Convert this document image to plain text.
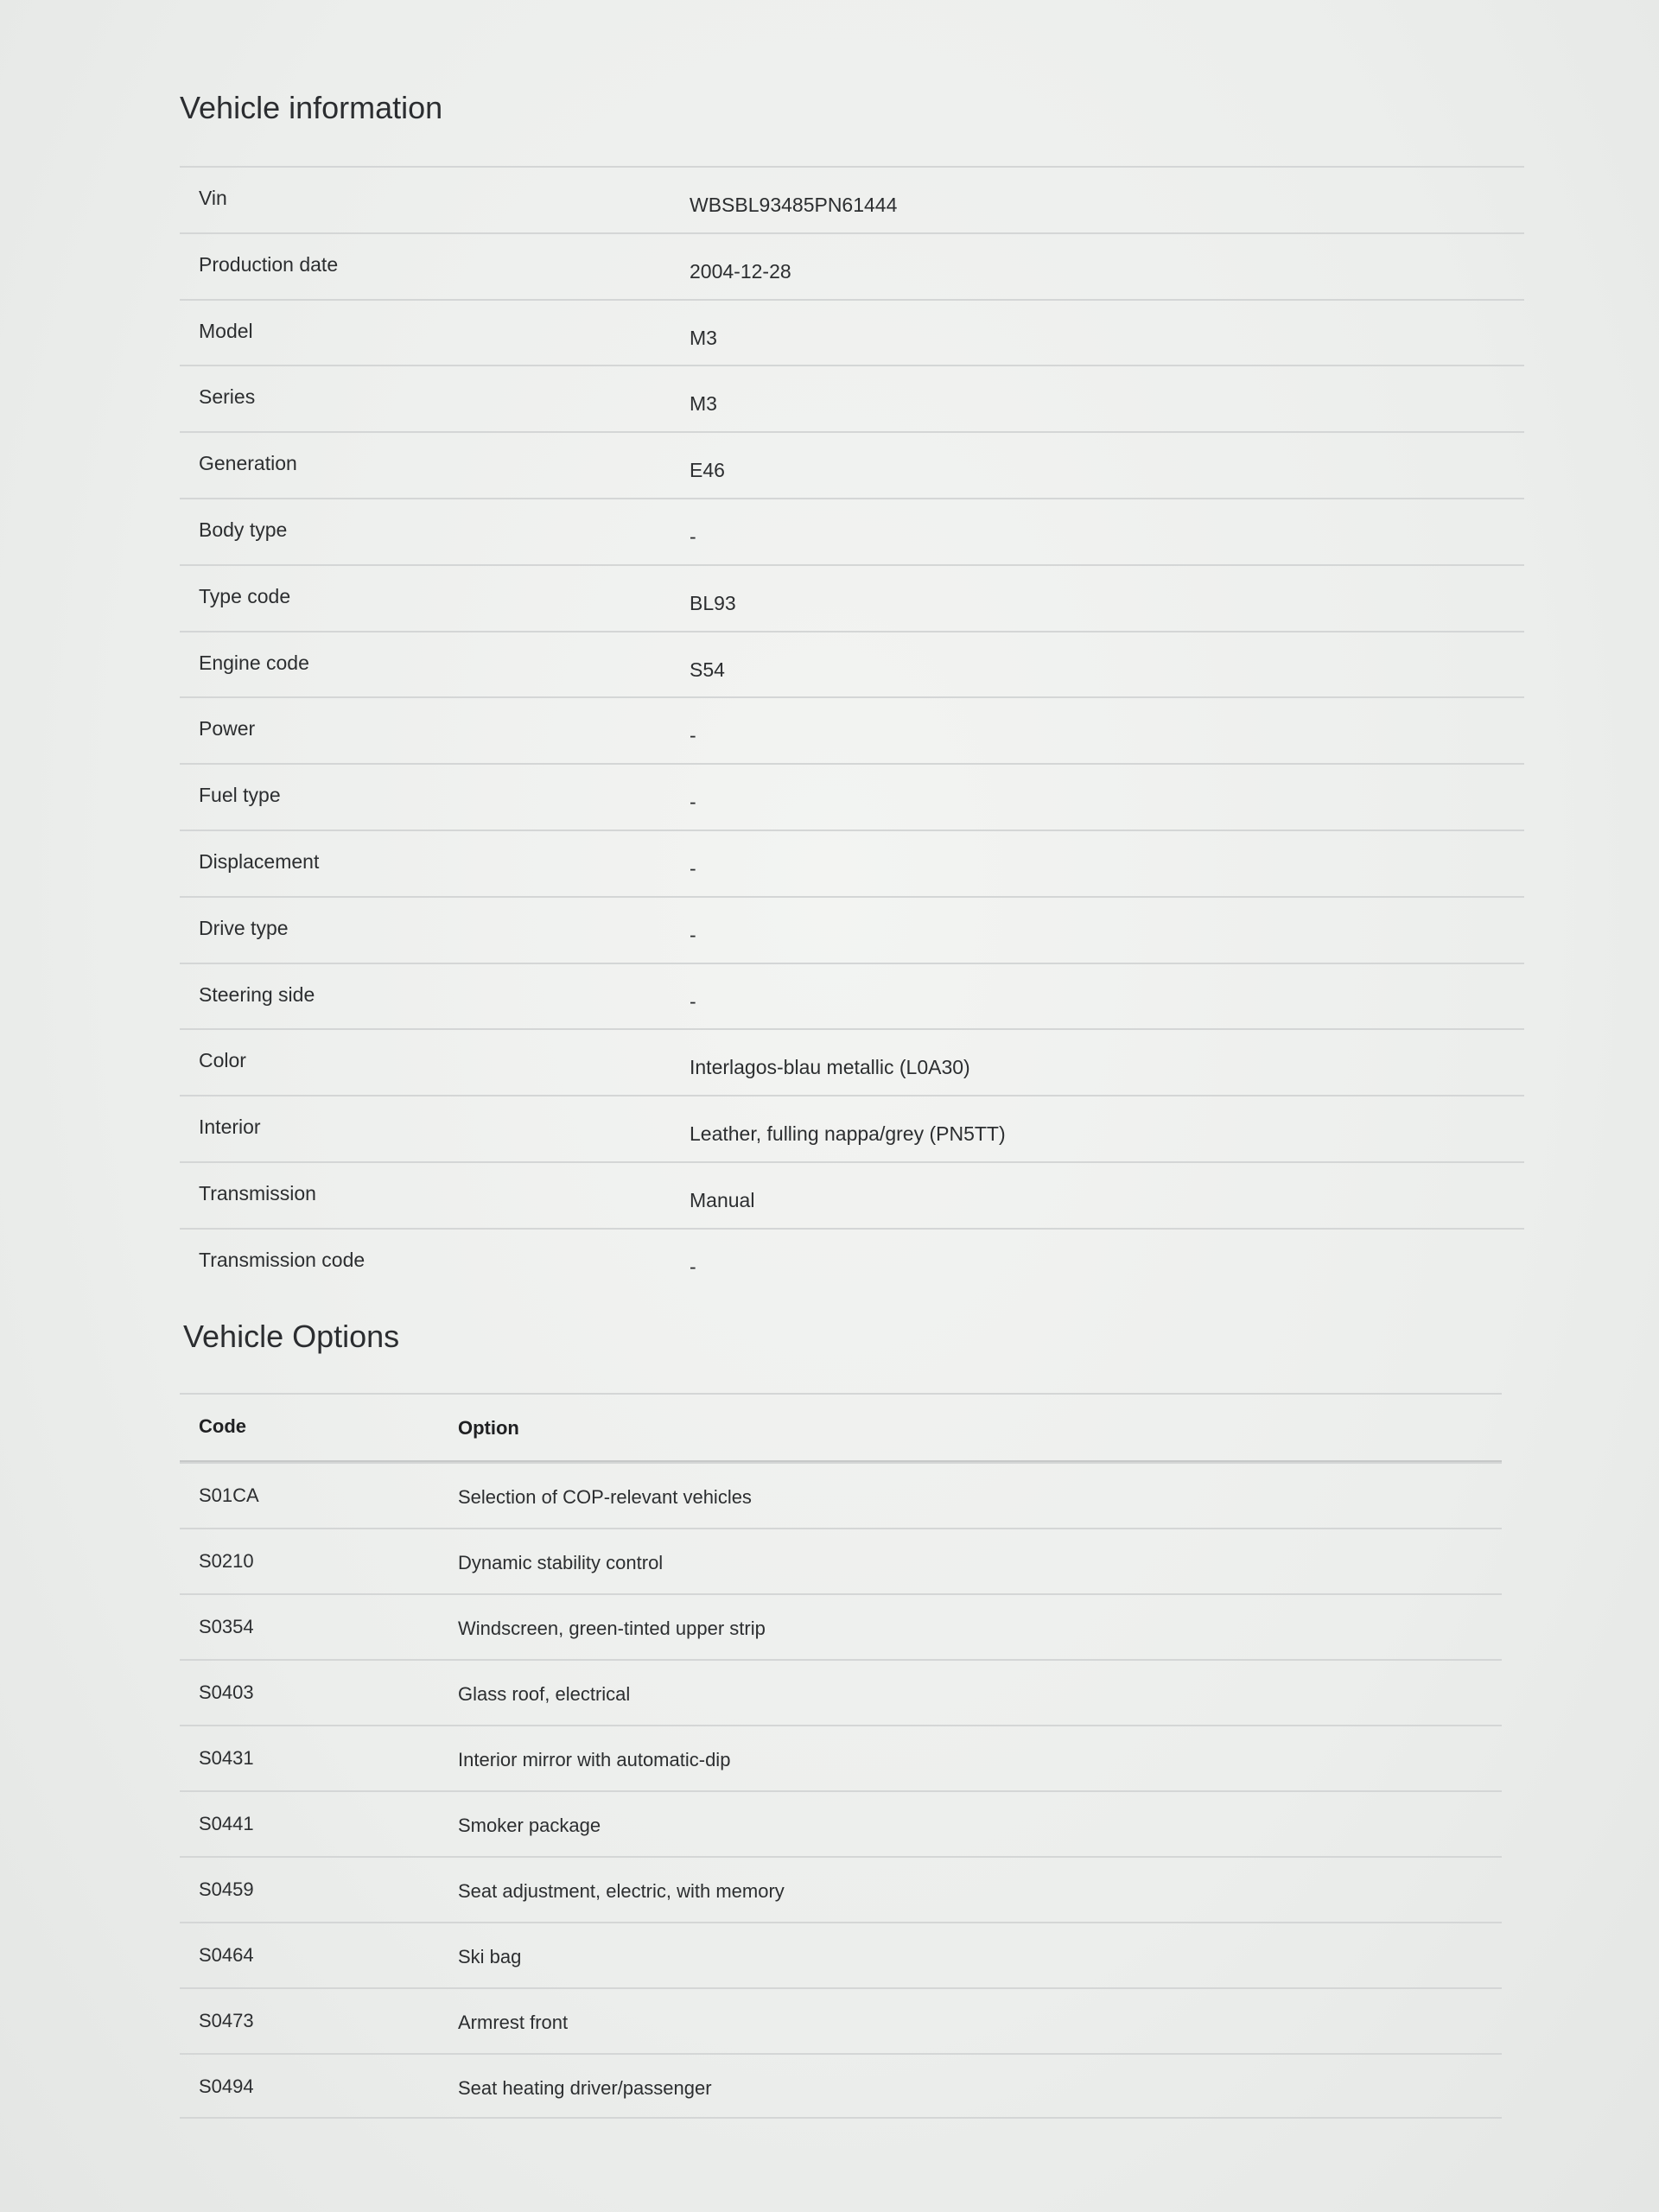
Vehicle information
Vin	WBSBL93485PN61444
Production date	2004-12-28
Model	M3
Series	M3
Generation	E46
Body type	-
Type code	BL93
Engine code	S54
Power	-
Fuel type	-
Displacement	-
Drive type	-
Steering side	-
Color	Interlagos-blau metallic (L0A30)
Interior	Leather, fulling nappa/grey (PN5TT)
Transmission	Manual
Transmission code	-
Vehicle Options
Code	Option
S01CA	Selection of COP-relevant vehicles
S0210	Dynamic stability control
S0354	Windscreen, green-tinted upper strip
S0403	Glass roof, electrical
S0431	Interior mirror with automatic-dip
S0441	Smoker package
S0459	Seat adjustment, electric, with memory
S0464	Ski bag
S0473	Armrest front
S0494	Seat heating driver/passenger
